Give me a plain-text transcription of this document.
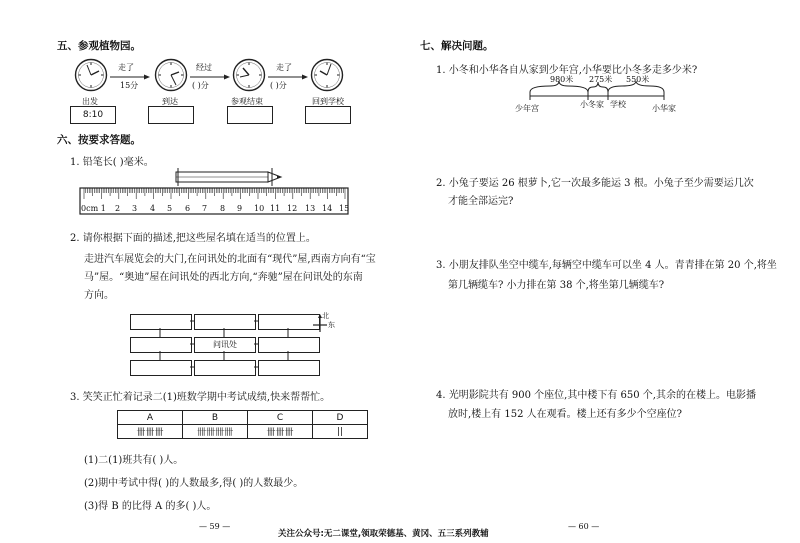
五、参观植物园。
走了
15分
经过
( )分
走了
( )分
出发	到达	参观结束	回到学校
8:10
六、按要求答题。
1. 铅笔长( )毫米。
0cm 1 2 3 4 5 6 7 8 9 10 11 12 13 14 15
2. 请你根据下面的描述,把这些屋名填在适当的位置上。
走进汽车展览会的大门,在问讯处的北面有“现代”屋,西南方向有“宝
马”屋。“奥迪”屋在问讯处的西北方向,“奔驰”屋在问讯处的东南
方向。
问讯处
北
东
3. 笑笑正忙着记录二(1)班数学期中考试成绩,快来帮帮忙。
A	B	C	D
卌卌卌	卌卌卌卌	卌卌卌	||
(1)二(1)班共有( )人。
(2)期中考试中得( )的人数最多,得( )的人数最少。
(3)得 B 的比得 A 的多( )人。
— 59 —
七、解决问题。
1. 小冬和小华各自从家到少年宫,小华要比小冬多走多少米?
980米 275米 550米
少年宫	小冬家 学校	小华家
2. 小兔子要运 26 根萝卜,它一次最多能运 3 根。小兔子至少需要运几次
才能全部运完?
3. 小朋友排队坐空中缆车,每辆空中缆车可以坐 4 人。青青排在第 20 个,将坐
第几辆缆车? 小力排在第 38 个,将坐第几辆缆车?
4. 光明影院共有 900 个座位,其中楼下有 650 个,其余的在楼上。电影播
放时,楼上有 152 人在观看。楼上还有多少个空座位?
— 60 —
关注公众号:无二课堂,领取荣德基、黄冈、五三系列教辅
